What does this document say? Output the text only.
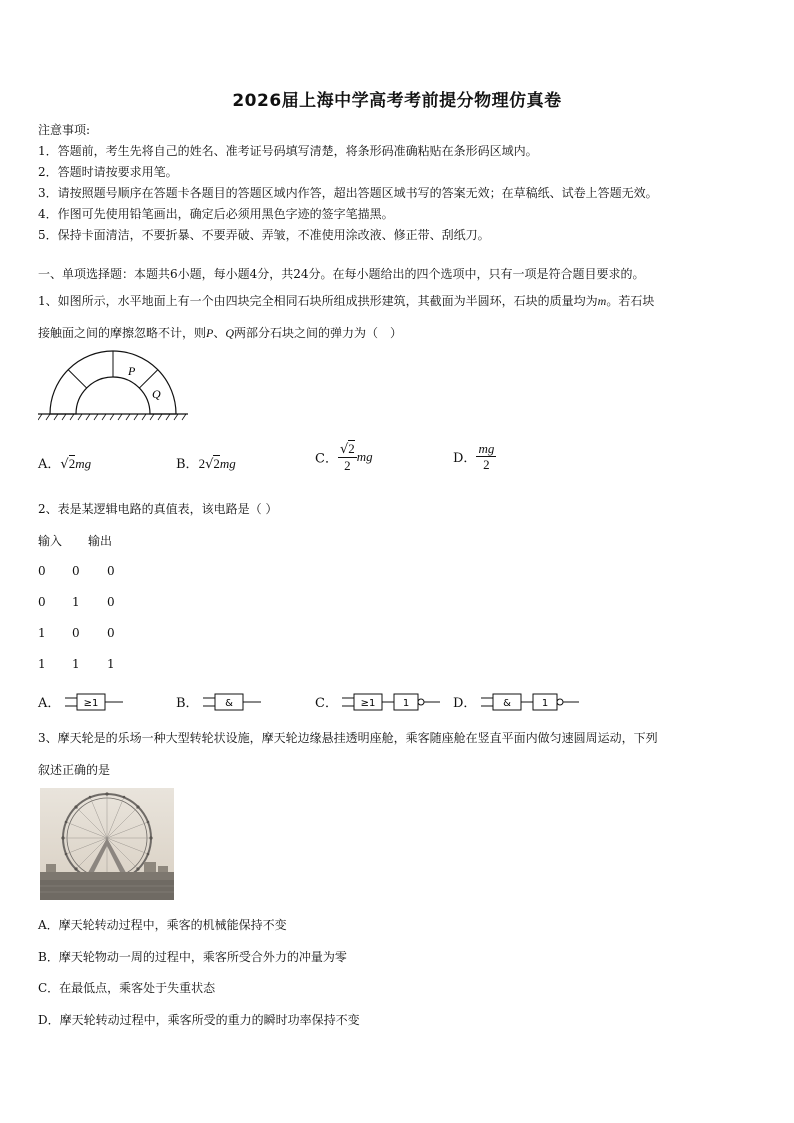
2026届上海中学高考考前提分物理仿真卷
注意事项:
1．答题前，考生先将自己的姓名、准考证号码填写清楚，将条形码准确粘贴在条形码区域内。
2．答题时请按要求用笔。
3．请按照题号顺序在答题卡各题目的答题区域内作答，超出答题区域书写的答案无效；在草稿纸、试卷上答题无效。
4．作图可先使用铅笔画出，确定后必须用黑色字迹的签字笔描黑。
5．保持卡面清洁，不要折暴、不要弄破、弄皱，不准使用涂改液、修正带、刮纸刀。
一、单项选择题：本题共6小题，每小题4分，共24分。在每小题给出的四个选项中，只有一项是符合题目要求的。
1、如图所示，水平地面上有一个由四块完全相同石块所组成拱形建筑，其截面为半圆环，石块的质量均为m。若石块
接触面之间的摩擦忽略不计，则P、Q两部分石块之间的弹力为（　）
P
Q
A．√2mg	B．2√2mg	C． $\frac{√2}{2}$ mg	D． $\frac{mg}{2}$
2、表是某逻辑电路的真值表，该电路是（ ）
输入 输出
0 0 0
0 1 0
1 0 0
1 1 1
A． ≥1	B．	&	C． ≥1	1	D．	&	1
3、摩天轮是的乐场一种大型转轮状设施，摩天轮边缘悬挂透明座舱，乘客随座舱在竖直平面内做匀速圆周运动，下列
叙述正确的是
A．摩天轮转动过程中，乘客的机械能保持不变
B．摩天轮物动一周的过程中，乘客所受合外力的冲量为零
C．在最低点，乘客处于失重状态
D．摩天轮转动过程中，乘客所受的重力的瞬时功率保持不变
